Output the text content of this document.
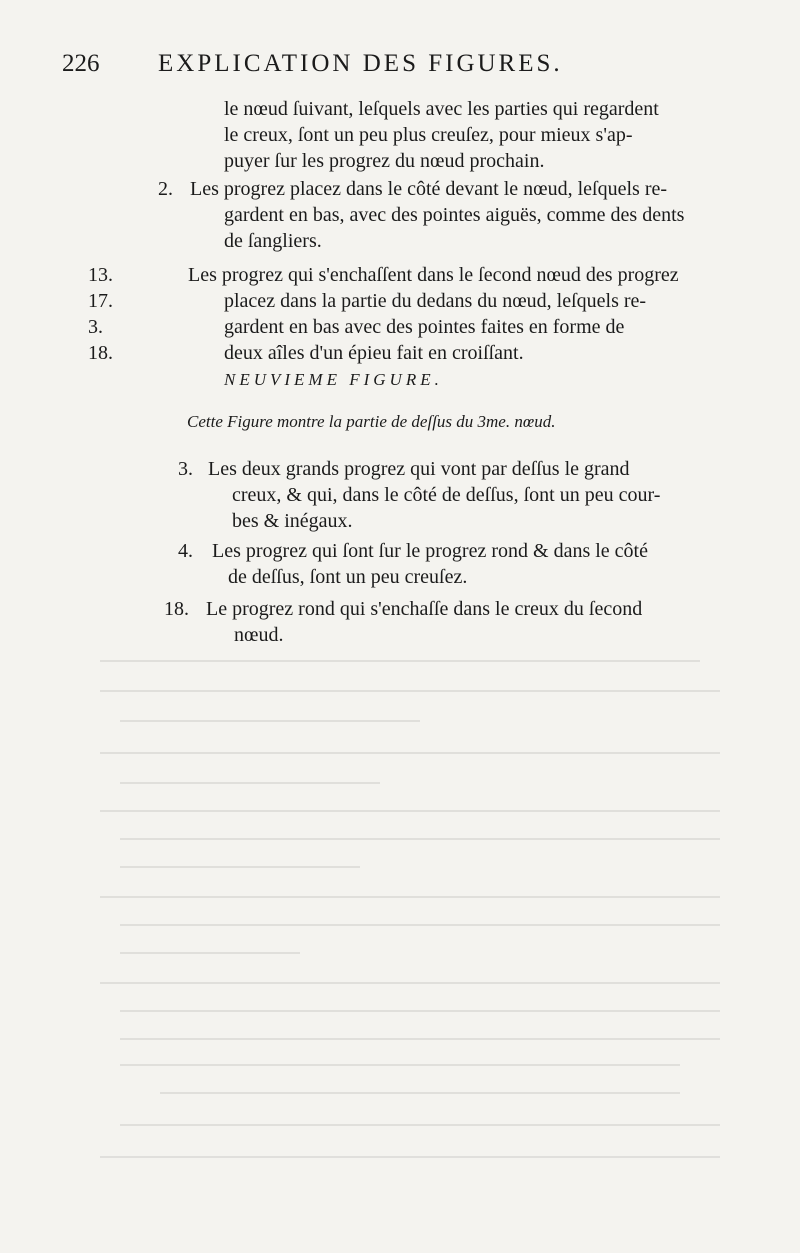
226 EXPLICATION DES FIGURES.
le nœud ſuivant, leſquels avec les parties qui regardent
le creux, ſont un peu plus creuſez, pour mieux s'ap-
puyer ſur les progrez du nœud prochain.
2. Les progrez placez dans le côté devant le nœud, leſquels re-
gardent en bas, avec des pointes aiguës, comme des dents
de ſangliers.
13. 17. 3. 18.
Les progrez qui s'enchaſſent dans le ſecond nœud des progrez
placez dans la partie du dedans du nœud, leſquels re-
gardent en bas avec des pointes faites en forme de
deux aîles d'un épieu fait en croiſſant.
NEUVIEME FIGURE.
Cette Figure montre la partie de deſſus du 3me. nœud.
3. Les deux grands progrez qui vont par deſſus le grand
creux, & qui, dans le côté de deſſus, ſont un peu cour-
bes & inégaux.
4. Les progrez qui ſont ſur le progrez rond & dans le côté
de deſſus, ſont un peu creuſez.
18. Le progrez rond qui s'enchaſſe dans le creux du ſecond
nœud.
